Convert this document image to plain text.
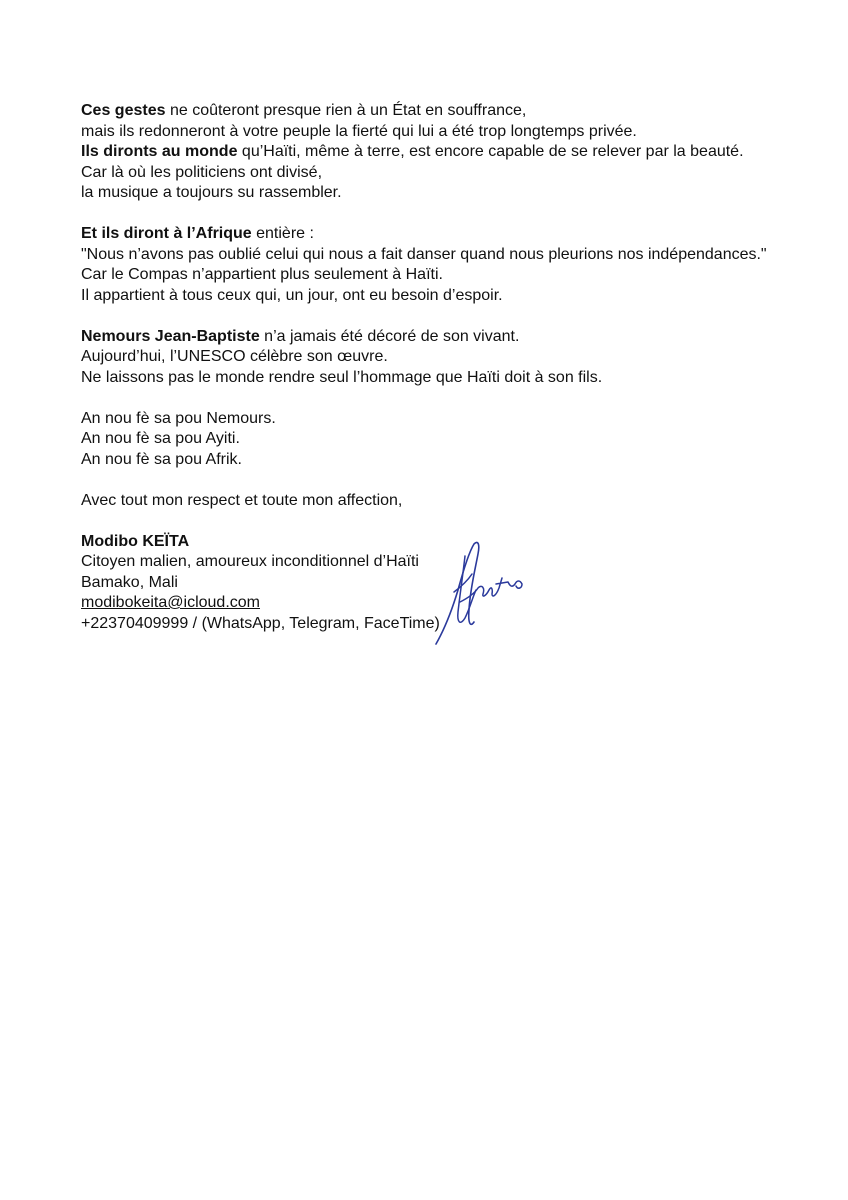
Ces gestes ne coûteront presque rien à un État en souffrance,
mais ils redonneront à votre peuple la fierté qui lui a été trop longtemps privée.
Ils dironts au monde qu’Haïti, même à terre, est encore capable de se relever par la beauté.
Car là où les politiciens ont divisé,
la musique a toujours su rassembler.

Et ils diront à l’Afrique entière :
"Nous n’avons pas oublié celui qui nous a fait danser quand nous pleurions nos indépendances."
Car le Compas n’appartient plus seulement à Haïti.
Il appartient à tous ceux qui, un jour, ont eu besoin d’espoir.

Nemours Jean-Baptiste n’a jamais été décoré de son vivant.
Aujourd’hui, l’UNESCO célèbre son œuvre.
Ne laissons pas le monde rendre seul l’hommage que Haïti doit à son fils.

An nou fè sa pou Nemours.
An nou fè sa pou Ayiti.
An nou fè sa pou Afrik.

Avec tout mon respect et toute mon affection,

Modibo KEÏTA
Citoyen malien, amoureux inconditionnel d’Haïti
Bamako, Mali
modibokeita@icloud.com
+22370409999 / (WhatsApp, Telegram, FaceTime)
